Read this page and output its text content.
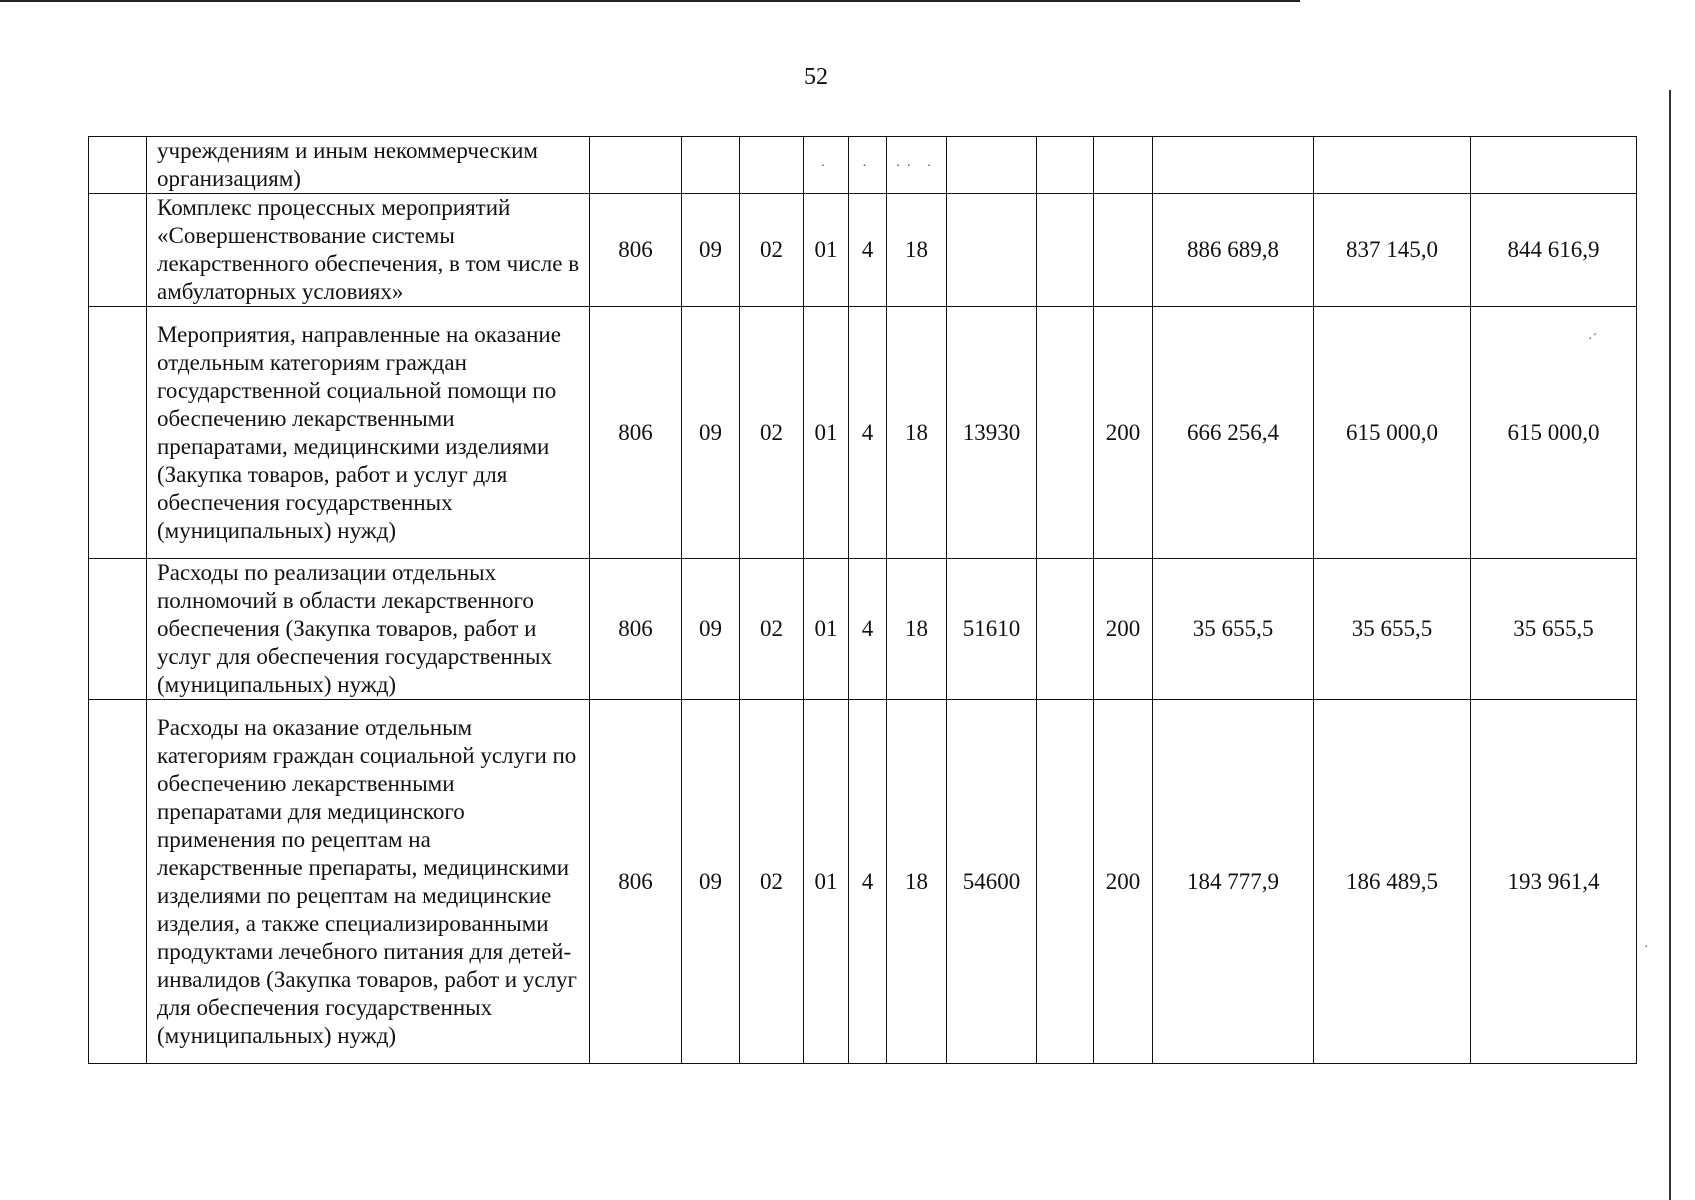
52
	учреждениям и иным некоммерческим организациям)				·	·	·· ·						
	Комплекс процессных мероприятий «Совершенствование системы лекарственного обеспечения, в том числе в амбулаторных условиях»	806	09	02	01	4	18				886 689,8	837 145,0	844 616,9
	Мероприятия, направленные на оказание отдельным категориям граждан государственной социальной помощи по обеспечению лекарственными препаратами, медицинскими изделиями (Закупка товаров, работ и услуг для обеспечения государственных (муниципальных) нужд)	806	09	02	01	4	18	13930		200	666 256,4	615 000,0	615 000,0
	Расходы по реализации отдельных полномочий в области лекарственного обеспечения (Закупка товаров, работ и услуг для обеспечения государственных (муниципальных) нужд)	806	09	02	01	4	18	51610		200	35 655,5	35 655,5	35 655,5
	Расходы на оказание отдельным категориям граждан социальной услуги по обеспечению лекарственными препаратами для медицинского применения по рецептам на лекарственные препараты, медицинскими изделиями по рецептам на медицинские изделия, а также специализированными продуктами лечебного питания для детей-инвалидов (Закупка товаров, работ и услуг для обеспечения государственных (муниципальных) нужд)	806	09	02	01	4	18	54600		200	184 777,9	186 489,5	193 961,4
·´
·
